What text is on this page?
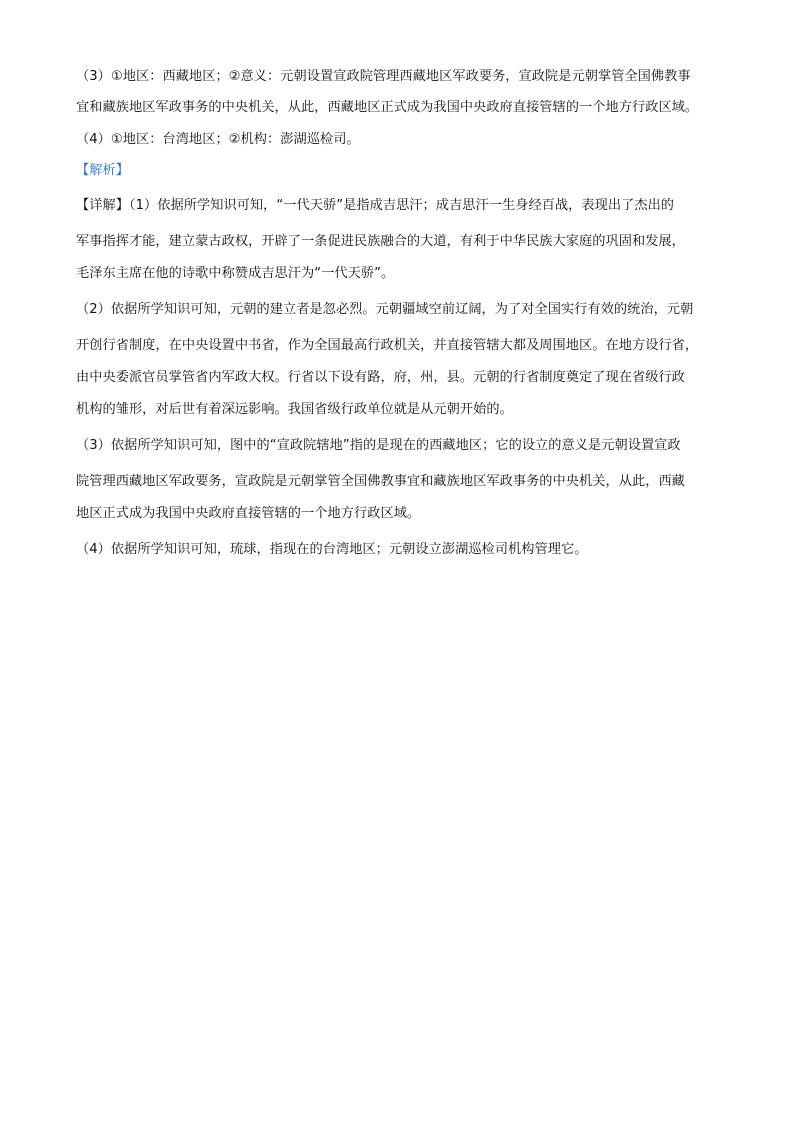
（3）①地区：西藏地区；②意义：元朝设置宣政院管理西藏地区军政要务，宣政院是元朝掌管全国佛教事
宜和藏族地区军政事务的中央机关，从此，西藏地区正式成为我国中央政府直接管辖的一个地方行政区域。
（4）①地区：台湾地区；②机构：澎湖巡检司。
【解析】
【详解】（1）依据所学知识可知，“一代天骄”是指成吉思汗；成吉思汗一生身经百战，表现出了杰出的
军事指挥才能，建立蒙古政权，开辟了一条促进民族融合的大道，有利于中华民族大家庭的巩固和发展，
毛泽东主席在他的诗歌中称赞成吉思汗为“一代天骄”。
（2）依据所学知识可知，元朝的建立者是忽必烈。元朝疆域空前辽阔，为了对全国实行有效的统治，元朝
开创行省制度，在中央设置中书省，作为全国最高行政机关，并直接管辖大都及周围地区。在地方设行省，
由中央委派官员掌管省内军政大权。行省以下设有路，府，州，县。元朝的行省制度奠定了现在省级行政
机构的雏形，对后世有着深远影响。我国省级行政单位就是从元朝开始的。
（3）依据所学知识可知，图中的“宣政院辖地”指的是现在的西藏地区；它的设立的意义是元朝设置宣政
院管理西藏地区军政要务，宣政院是元朝掌管全国佛教事宜和藏族地区军政事务的中央机关，从此，西藏
地区正式成为我国中央政府直接管辖的一个地方行政区域。
（4）依据所学知识可知，琉球，指现在的台湾地区；元朝设立澎湖巡检司机构管理它。
